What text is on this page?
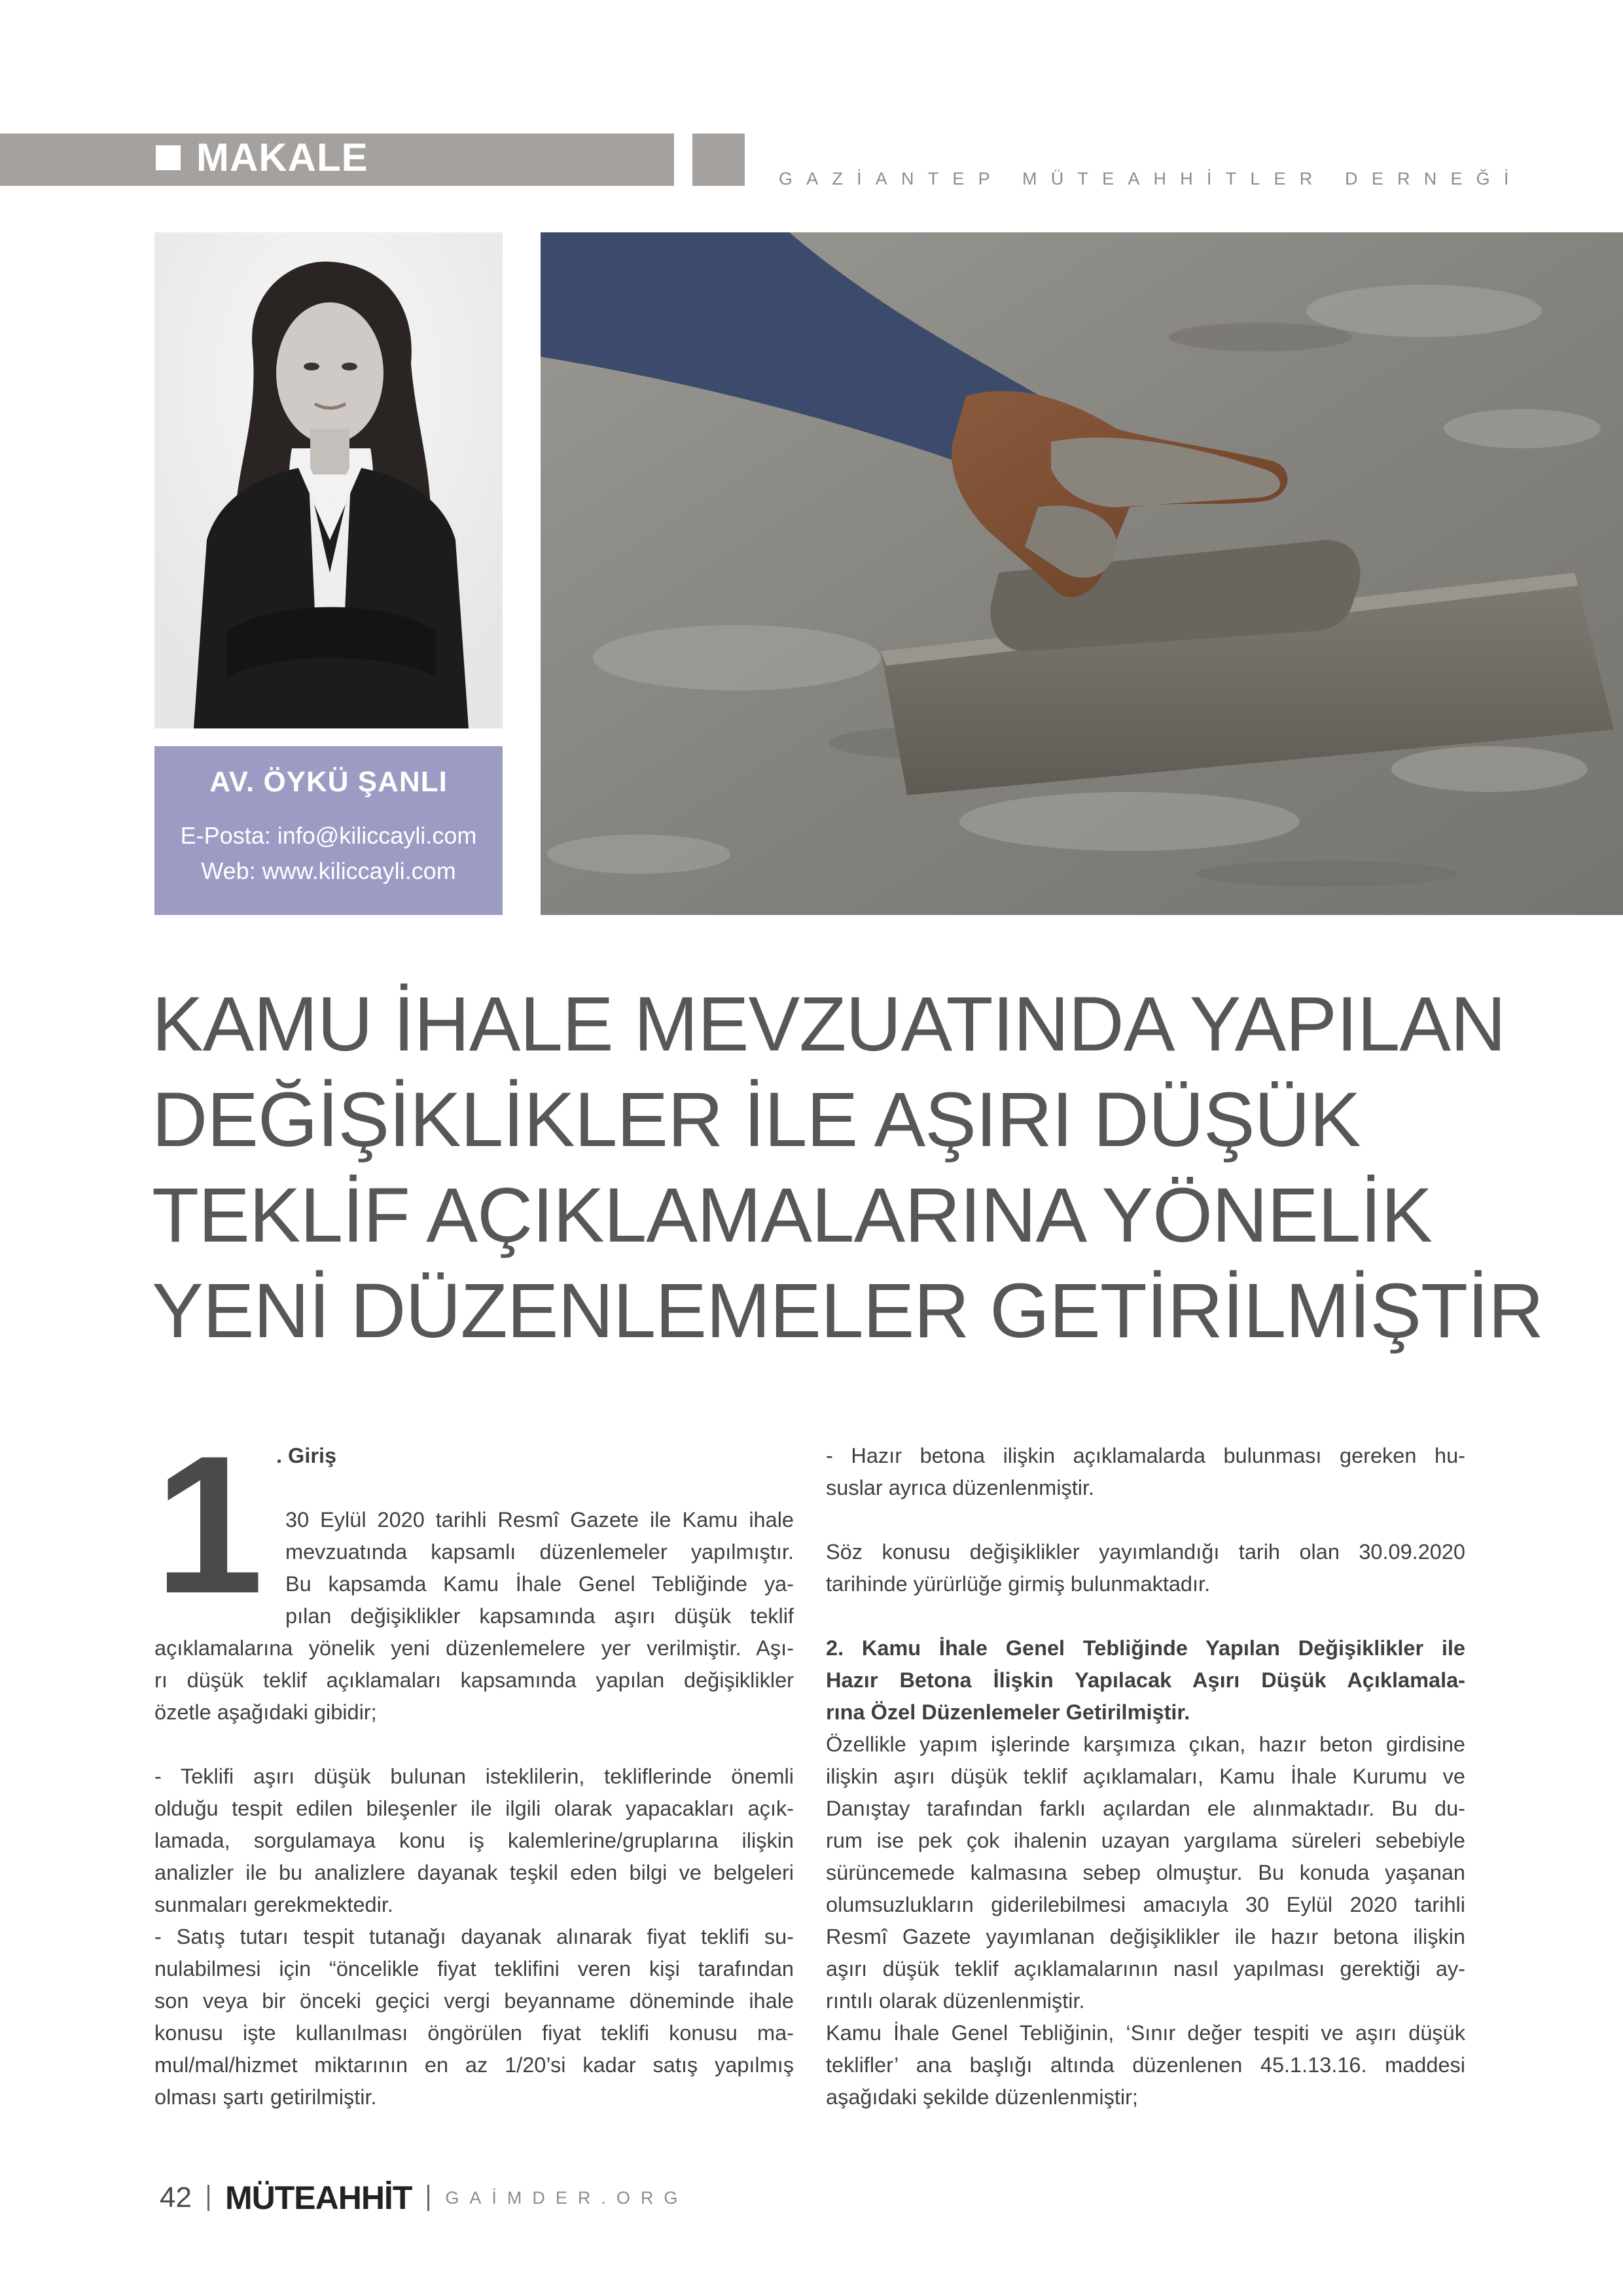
MAKALE	GAZİANTEP MÜTEAHHİTLER DERNEĞİ
AV. ÖYKÜ ŞANLI
E-Posta: info@kiliccayli.com
Web: www.kiliccayli.com
KAMU İHALE MEVZUATINDA YAPILAN
DEĞİŞİKLİKLER İLE AŞIRI DÜŞÜK
TEKLİF AÇIKLAMALARINA YÖNELİK
YENİ DÜZENLEMELER GETİRİLMİŞTİR
1 . Giriş
30 Eylül 2020 tarihli Resmî Gazete ile Kamu ihale
mevzuatında kapsamlı düzenlemeler yapılmıştır.
Bu kapsamda Kamu İhale Genel Tebliğinde ya-
pılan değişiklikler kapsamında aşırı düşük teklif
açıklamalarına yönelik yeni düzenlemelere yer verilmiştir. Aşı-
rı düşük teklif açıklamaları kapsamında yapılan değişiklikler
özetle aşağıdaki gibidir;
- Teklifi aşırı düşük bulunan isteklilerin, tekliflerinde önemli
olduğu tespit edilen bileşenler ile ilgili olarak yapacakları açık-
lamada, sorgulamaya konu iş kalemlerine/gruplarına ilişkin
analizler ile bu analizlere dayanak teşkil eden bilgi ve belgeleri
sunmaları gerekmektedir.
- Satış tutarı tespit tutanağı dayanak alınarak fiyat teklifi su-
nulabilmesi için “öncelikle fiyat teklifini veren kişi tarafından
son veya bir önceki geçici vergi beyanname döneminde ihale
konusu işte kullanılması öngörülen fiyat teklifi konusu ma-
mul/mal/hizmet miktarının en az 1/20’si kadar satış yapılmış
olması şartı getirilmiştir.
- Hazır betona ilişkin açıklamalarda bulunması gereken hu-
suslar ayrıca düzenlenmiştir.
Söz konusu değişiklikler yayımlandığı tarih olan 30.09.2020
tarihinde yürürlüğe girmiş bulunmaktadır.
2. Kamu İhale Genel Tebliğinde Yapılan Değişiklikler ile
Hazır Betona İlişkin Yapılacak Aşırı Düşük Açıklamala-
rına Özel Düzenlemeler Getirilmiştir.
Özellikle yapım işlerinde karşımıza çıkan, hazır beton girdisine
ilişkin aşırı düşük teklif açıklamaları, Kamu İhale Kurumu ve
Danıştay tarafından farklı açılardan ele alınmaktadır. Bu du-
rum ise pek çok ihalenin uzayan yargılama süreleri sebebiyle
sürüncemede kalmasına sebep olmuştur. Bu konuda yaşanan
olumsuzlukların giderilebilmesi amacıyla 30 Eylül 2020 tarihli
Resmî Gazete yayımlanan değişiklikler ile hazır betona ilişkin
aşırı düşük teklif açıklamalarının nasıl yapılması gerektiği ay-
rıntılı olarak düzenlenmiştir.
Kamu İhale Genel Tebliğinin, ‘Sınır değer tespiti ve aşırı düşük
teklifler’ ana başlığı altında düzenlenen 45.1.13.16. maddesi
aşağıdaki şekilde düzenlenmiştir;
42 MÜTEAHHİT GAİMDER.ORG
